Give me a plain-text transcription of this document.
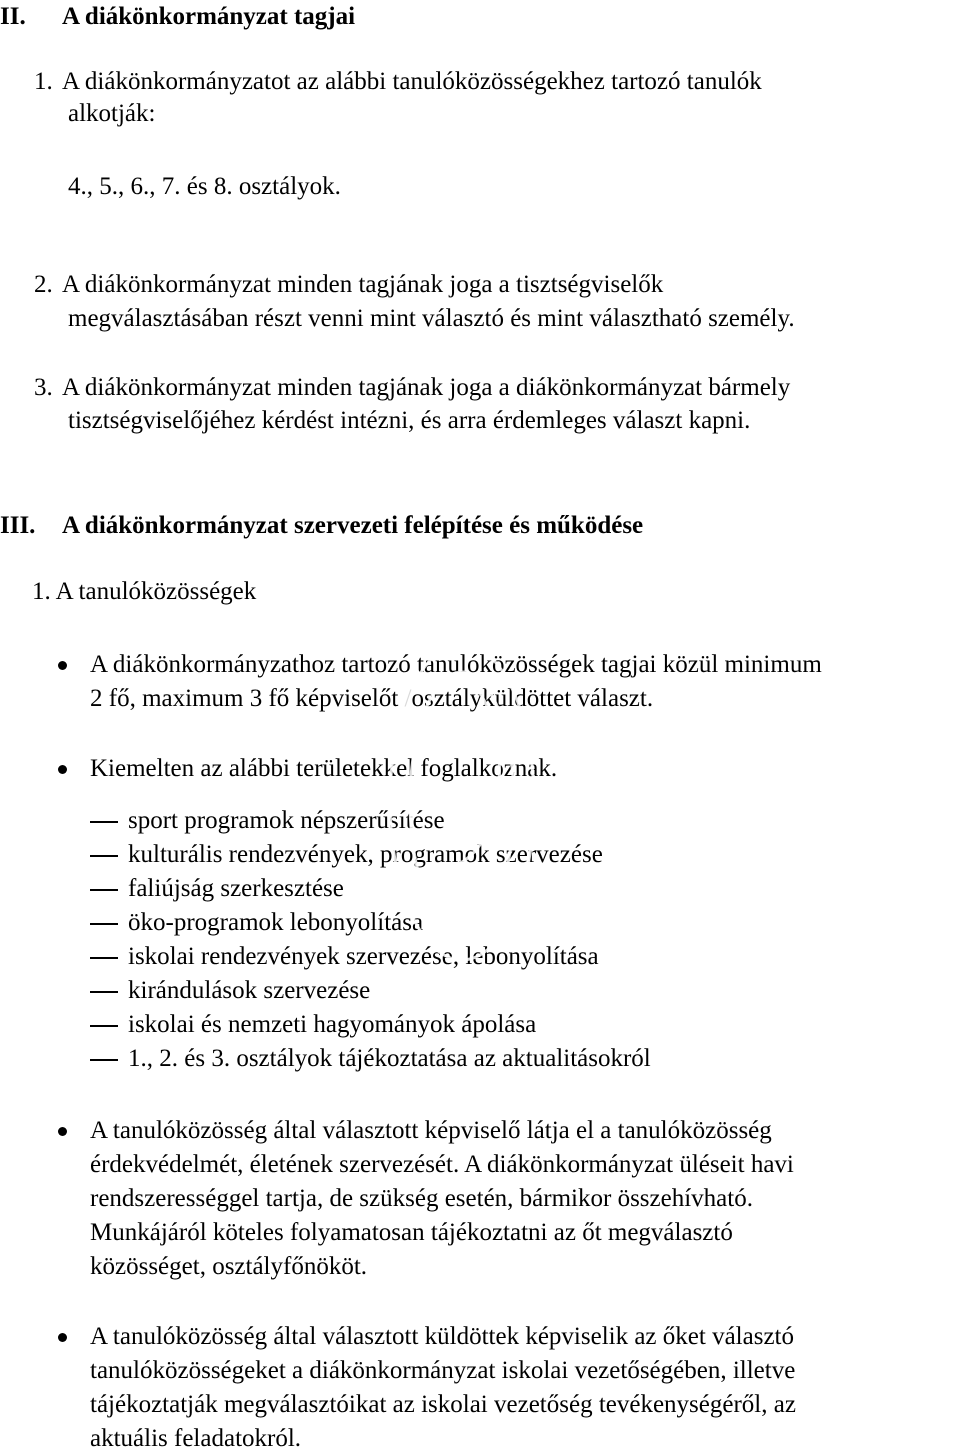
II. A diákönkormányzat tagjai
1. A diákönkormányzatot az alábbi tanulóközösségekhez tartozó tanulók
alkotják:
4., 5., 6., 7. és 8. osztályok.
2. A diákönkormányzat minden tagjának joga a tisztségviselők
megválasztásában részt venni mint választó és mint választható személy.
3. A diákönkormányzat minden tagjának joga a diákönkormányzat bármely
tisztségviselőjéhez kérdést intézni, és arra érdemleges választ kapni.
III. A diákönkormányzat szervezeti felépítése és működése
1. A tanulóközösségek
A diákönkormányzathoz tartozó tanulóközösségek tagjai közül minimum
2 fő, maximum 3 fő képviselőt /osztályküldöttet választ.
Kiemelten az alábbi területekkel foglalkoznak.
sport programok népszerűsítése
kulturális rendezvények, programok szervezése
faliújság szerkesztése
öko-programok lebonyolítása
iskolai rendezvények szervezése, lebonyolítása
kirándulások szervezése
iskolai és nemzeti hagyományok ápolása
1., 2. és 3. osztályok tájékoztatása az aktualitásokról
A tanulóközösség által választott képviselő látja el a tanulóközösség
érdekvédelmét, életének szervezését. A diákönkormányzat üléseit havi
rendszerességgel tartja, de szükség esetén, bármikor összehívható.
Munkájáról köteles folyamatosan tájékoztatni az őt megválasztó
közösséget, osztályfőnököt.
A tanulóközösség által választott küldöttek képviselik az őket választó
tanulóközösségeket a diákönkormányzat iskolai vezetőségében, illetve
tájékoztatják megválasztóikat az iskolai vezetőség tevékenységéről, az
aktuális feladatokról.
